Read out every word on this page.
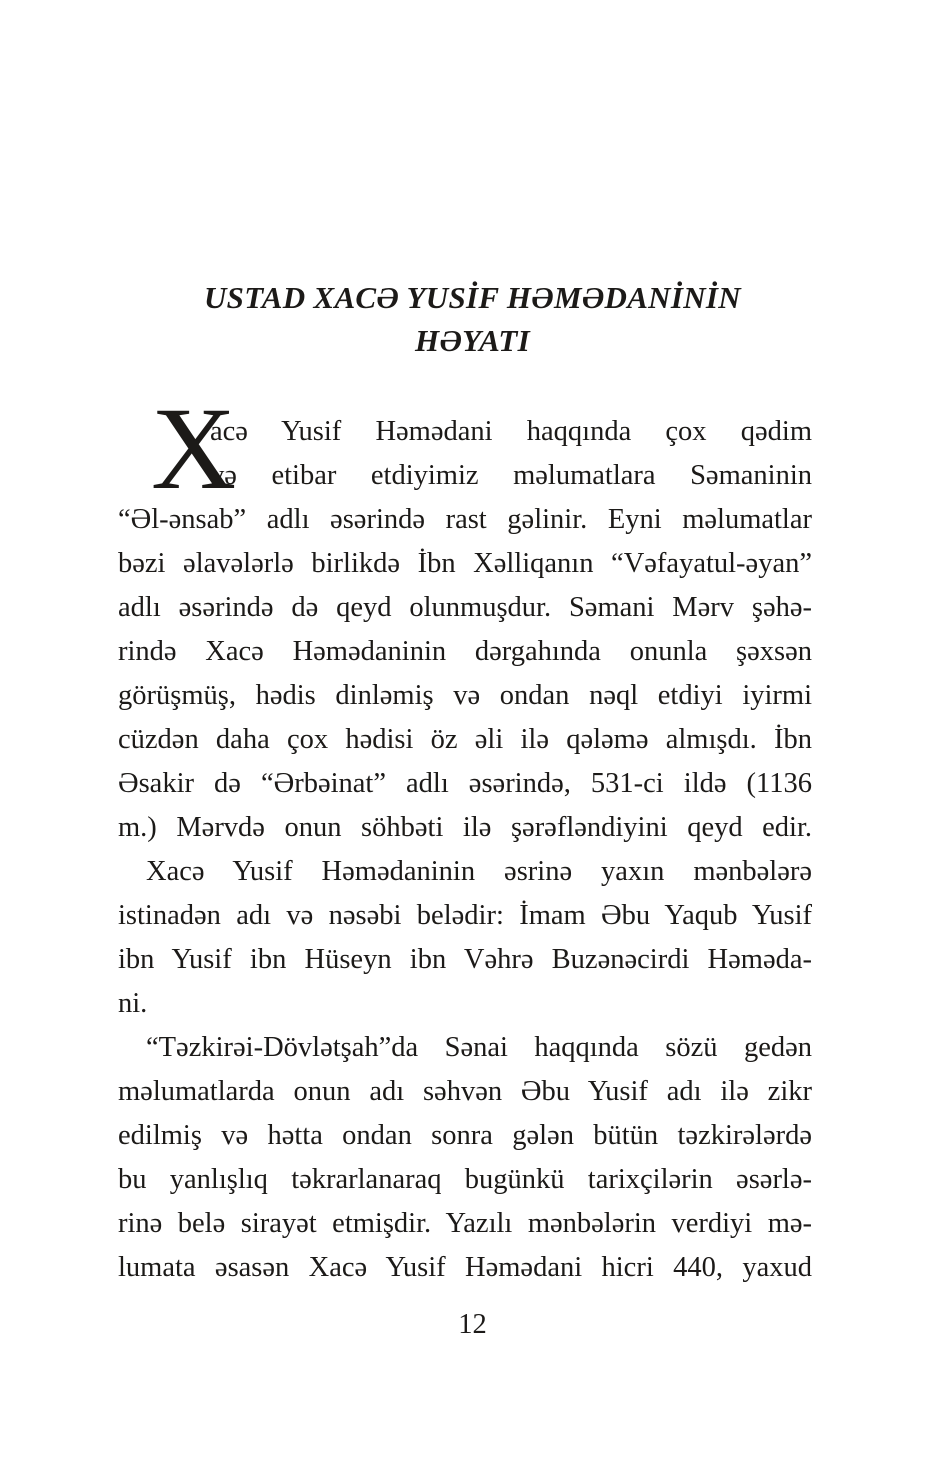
USTAD XACƏ YUSİF HƏMƏDANİNİN
HƏYATI
X
acə Yusif Həmədani haqqında çox qədim
və etibar etdiyimiz məlumatlara Səmaninin
“Əl-ənsab” adlı əsərində rast gəlinir. Eyni məlumatlar
bəzi əlavələrlə birlikdə İbn Xəlliqanın “Vəfayatul-əyan”
adlı əsərində də qeyd olunmuşdur. Səmani Mərv şəhə-
rində Xacə Həmədaninin dərgahında onunla şəxsən
görüşmüş, hədis dinləmiş və ondan nəql etdiyi iyirmi
cüzdən daha çox hədisi öz əli ilə qələmə almışdı. İbn
Əsakir də “Ərbəinat” adlı əsərində, 531-ci ildə (1136
m.) Mərvdə onun söhbəti ilə şərəfləndiyini qeyd edir.
Xacə Yusif Həmədaninin əsrinə yaxın mənbələrə
istinadən adı və nəsəbi belədir: İmam Əbu Yaqub Yusif
ibn Yusif ibn Hüseyn ibn Vəhrə Buzənəcirdi Həmədа-
ni.
“Təzkirəi-Dövlətşah”da Sənai haqqında sözü gedən
məlumatlarda onun adı səhvən Əbu Yusif adı ilə zikr
edilmiş və hətta ondan sonra gələn bütün təzkirələrdə
bu yanlışlıq təkrarlanaraq bugünkü tarixçilərin əsərlə-
rinə belə sirayət etmişdir. Yazılı mənbələrin verdiyi mə-
lumata əsasən Xacə Yusif Həmədani hicri 440, yaxud
12
